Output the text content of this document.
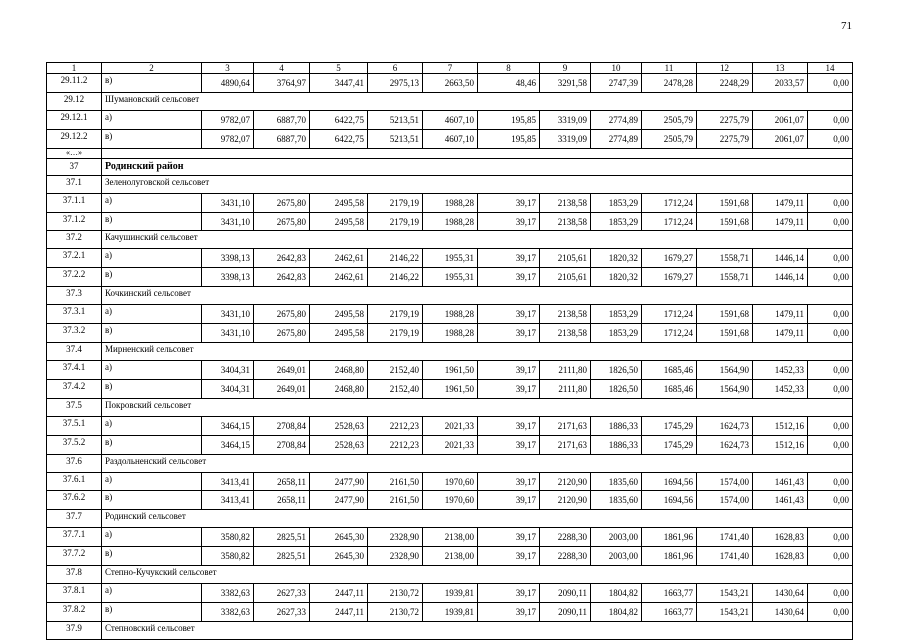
71
1	2	3	4	5	6	7	8	9	10	11	12	13	14
29.11.2	в)	4890,64	3764,97	3447,41	2975,13	2663,50	48,46	3291,58	2747,39	2478,28	2248,29	2033,57	0,00
29.12	Шумановский сельсовет												
29.12.1	а)	9782,07	6887,70	6422,75	5213,51	4607,10	195,85	3319,09	2774,89	2505,79	2275,79	2061,07	0,00
29.12.2	в)	9782,07	6887,70	6422,75	5213,51	4607,10	195,85	3319,09	2774,89	2505,79	2275,79	2061,07	0,00
«…»													
37	Родинский район												
37.1	Зеленолуговской сельсовет												
37.1.1	а)	3431,10	2675,80	2495,58	2179,19	1988,28	39,17	2138,58	1853,29	1712,24	1591,68	1479,11	0,00
37.1.2	в)	3431,10	2675,80	2495,58	2179,19	1988,28	39,17	2138,58	1853,29	1712,24	1591,68	1479,11	0,00
37.2	Качушинский сельсовет												
37.2.1	а)	3398,13	2642,83	2462,61	2146,22	1955,31	39,17	2105,61	1820,32	1679,27	1558,71	1446,14	0,00
37.2.2	в)	3398,13	2642,83	2462,61	2146,22	1955,31	39,17	2105,61	1820,32	1679,27	1558,71	1446,14	0,00
37.3	Кочкинский сельсовет												
37.3.1	а)	3431,10	2675,80	2495,58	2179,19	1988,28	39,17	2138,58	1853,29	1712,24	1591,68	1479,11	0,00
37.3.2	в)	3431,10	2675,80	2495,58	2179,19	1988,28	39,17	2138,58	1853,29	1712,24	1591,68	1479,11	0,00
37.4	Мирненский сельсовет												
37.4.1	а)	3404,31	2649,01	2468,80	2152,40	1961,50	39,17	2111,80	1826,50	1685,46	1564,90	1452,33	0,00
37.4.2	в)	3404,31	2649,01	2468,80	2152,40	1961,50	39,17	2111,80	1826,50	1685,46	1564,90	1452,33	0,00
37.5	Покровский сельсовет												
37.5.1	а)	3464,15	2708,84	2528,63	2212,23	2021,33	39,17	2171,63	1886,33	1745,29	1624,73	1512,16	0,00
37.5.2	в)	3464,15	2708,84	2528,63	2212,23	2021,33	39,17	2171,63	1886,33	1745,29	1624,73	1512,16	0,00
37.6	Раздольненский сельсовет												
37.6.1	а)	3413,41	2658,11	2477,90	2161,50	1970,60	39,17	2120,90	1835,60	1694,56	1574,00	1461,43	0,00
37.6.2	в)	3413,41	2658,11	2477,90	2161,50	1970,60	39,17	2120,90	1835,60	1694,56	1574,00	1461,43	0,00
37.7	Родинский сельсовет												
37.7.1	а)	3580,82	2825,51	2645,30	2328,90	2138,00	39,17	2288,30	2003,00	1861,96	1741,40	1628,83	0,00
37.7.2	в)	3580,82	2825,51	2645,30	2328,90	2138,00	39,17	2288,30	2003,00	1861,96	1741,40	1628,83	0,00
37.8	Степно-Кучукский сельсовет												
37.8.1	а)	3382,63	2627,33	2447,11	2130,72	1939,81	39,17	2090,11	1804,82	1663,77	1543,21	1430,64	0,00
37.8.2	в)	3382,63	2627,33	2447,11	2130,72	1939,81	39,17	2090,11	1804,82	1663,77	1543,21	1430,64	0,00
37.9	Степновский сельсовет												
